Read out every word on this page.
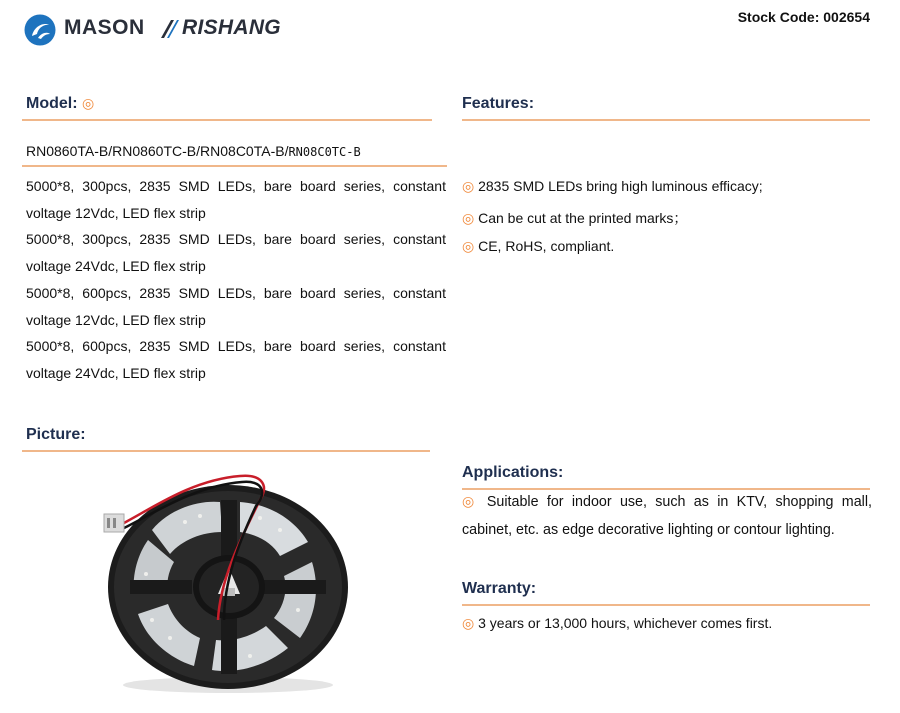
MASON RISHANG	Stock Code: 002654
Model: ◎
RN0860TA-B/RN0860TC-B/RN08C0TA-B/RN08C0TC-B

5000*8, 300pcs, 2835 SMD LEDs, bare board series, constant voltage 12Vdc, LED flex strip

5000*8, 300pcs, 2835 SMD LEDs, bare board series, constant voltage 24Vdc, LED flex strip

5000*8, 600pcs, 2835 SMD LEDs, bare board series, constant voltage 12Vdc, LED flex strip

5000*8, 600pcs, 2835 SMD LEDs, bare board series, constant voltage 24Vdc, LED flex strip

Features:
◎ 2835 SMD LEDs bring high luminous efficacy;
◎ Can be cut at the printed marks；
◎ CE, RoHS, compliant.
Picture:
Applications:
◎ Suitable for indoor use, such as in KTV, shopping mall, cabinet, etc. as edge decorative lighting or contour lighting.
Warranty:
◎ 3 years or 13,000 hours, whichever comes first.
